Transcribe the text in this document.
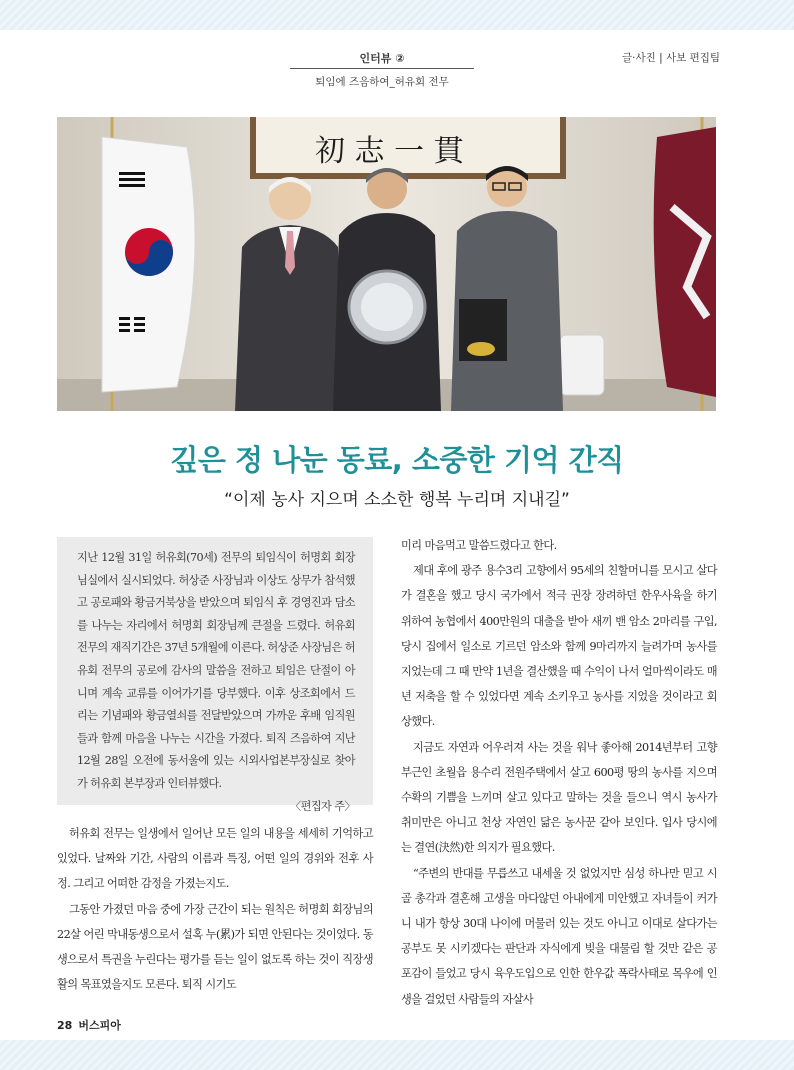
인터뷰 ②
퇴임에 즈음하여_허유회 전무
글·사진 | 사보 편집팀
初 志 一 貫
깊은 정 나눈 동료, 소중한 기억 간직
“이제 농사 지으며 소소한 행복 누리며 지내길”
지난 12월 31일 허유회(70세) 전무의 퇴임식이 허명회 회장님실에서 실시되었다. 허상준 사장님과 이상도 상무가 참석했고 공로패와 황금거북상을 받았으며 퇴임식 후 경영진과 담소를 나누는 자리에서 허명회 회장님께 큰절을 드렸다. 허유회 전무의 재직기간은 37년 5개월에 이른다. 허상준 사장님은 허유회 전무의 공로에 감사의 말씀을 전하고 퇴임은 단절이 아니며 계속 교류를 이어가기를 당부했다. 이후 상조회에서 드리는 기념패와 황금열쇠를 전달받았으며 가까운 후배 임직원들과 함께 마음을 나누는 시간을 가졌다. 퇴직 즈음하여 지난 12월 28일 오전에 동서울에 있는 시외사업본부장실로 찾아가 허유회 본부장과 인터뷰했다.
〈편집자 주〉

허유회 전무는 일생에서 일어난 모든 일의 내용을 세세히 기억하고 있었다. 날짜와 기간, 사람의 이름과 특징, 어떤 일의 경위와 전후 사정. 그리고 어떠한 감정을 가졌는지도.

그동안 가졌던 마음 중에 가장 근간이 되는 원칙은 허명회 회장님의 22살 어린 막내동생으로서 설혹 누(累)가 되면 안된다는 것이었다. 동생으로서 특권을 누린다는 평가를 듣는 일이 없도록 하는 것이 직장생활의 목표였을지도 모른다. 퇴직 시기도

미리 마음먹고 말씀드렸다고 한다.

제대 후에 광주 용수3리 고향에서 95세의 친할머니를 모시고 살다가 결혼을 했고 당시 국가에서 적극 권장 장려하던 한우사육을 하기 위하여 농협에서 400만원의 대출을 받아 새끼 밴 암소 2마리를 구입, 당시 집에서 일소로 기르던 암소와 함께 9마리까지 늘려가며 농사를 지었는데 그 때 만약 1년을 결산했을 때 수익이 나서 얼마씩이라도 매년 저축을 할 수 있었다면 계속 소키우고 농사를 지었을 것이라고 회상했다.

지금도 자연과 어우러져 사는 것을 워낙 좋아해 2014년부터 고향 부근인 초월읍 용수리 전원주택에서 살고 600평 땅의 농사를 지으며 수확의 기쁨을 느끼며 살고 있다고 말하는 것을 들으니 역시 농사가 취미만은 아니고 천상 자연인 닮은 농사꾼 같아 보인다. 입사 당시에는 결연(決然)한 의지가 필요했다.

“주변의 반대를 무릅쓰고 내세울 것 없었지만 심성 하나만 믿고 시골 총각과 결혼해 고생을 마다않던 아내에게 미안했고 자녀들이 커가니 내가 항상 30대 나이에 머물러 있는 것도 아니고 이대로 살다가는 공부도 못 시키겠다는 판단과 자식에게 빚을 대물림 할 것만 같은 공포감이 들었고 당시 육우도입으로 인한 한우값 폭락사태로 목우에 인생을 걸었던 사람들의 자살사

28 버스피아
